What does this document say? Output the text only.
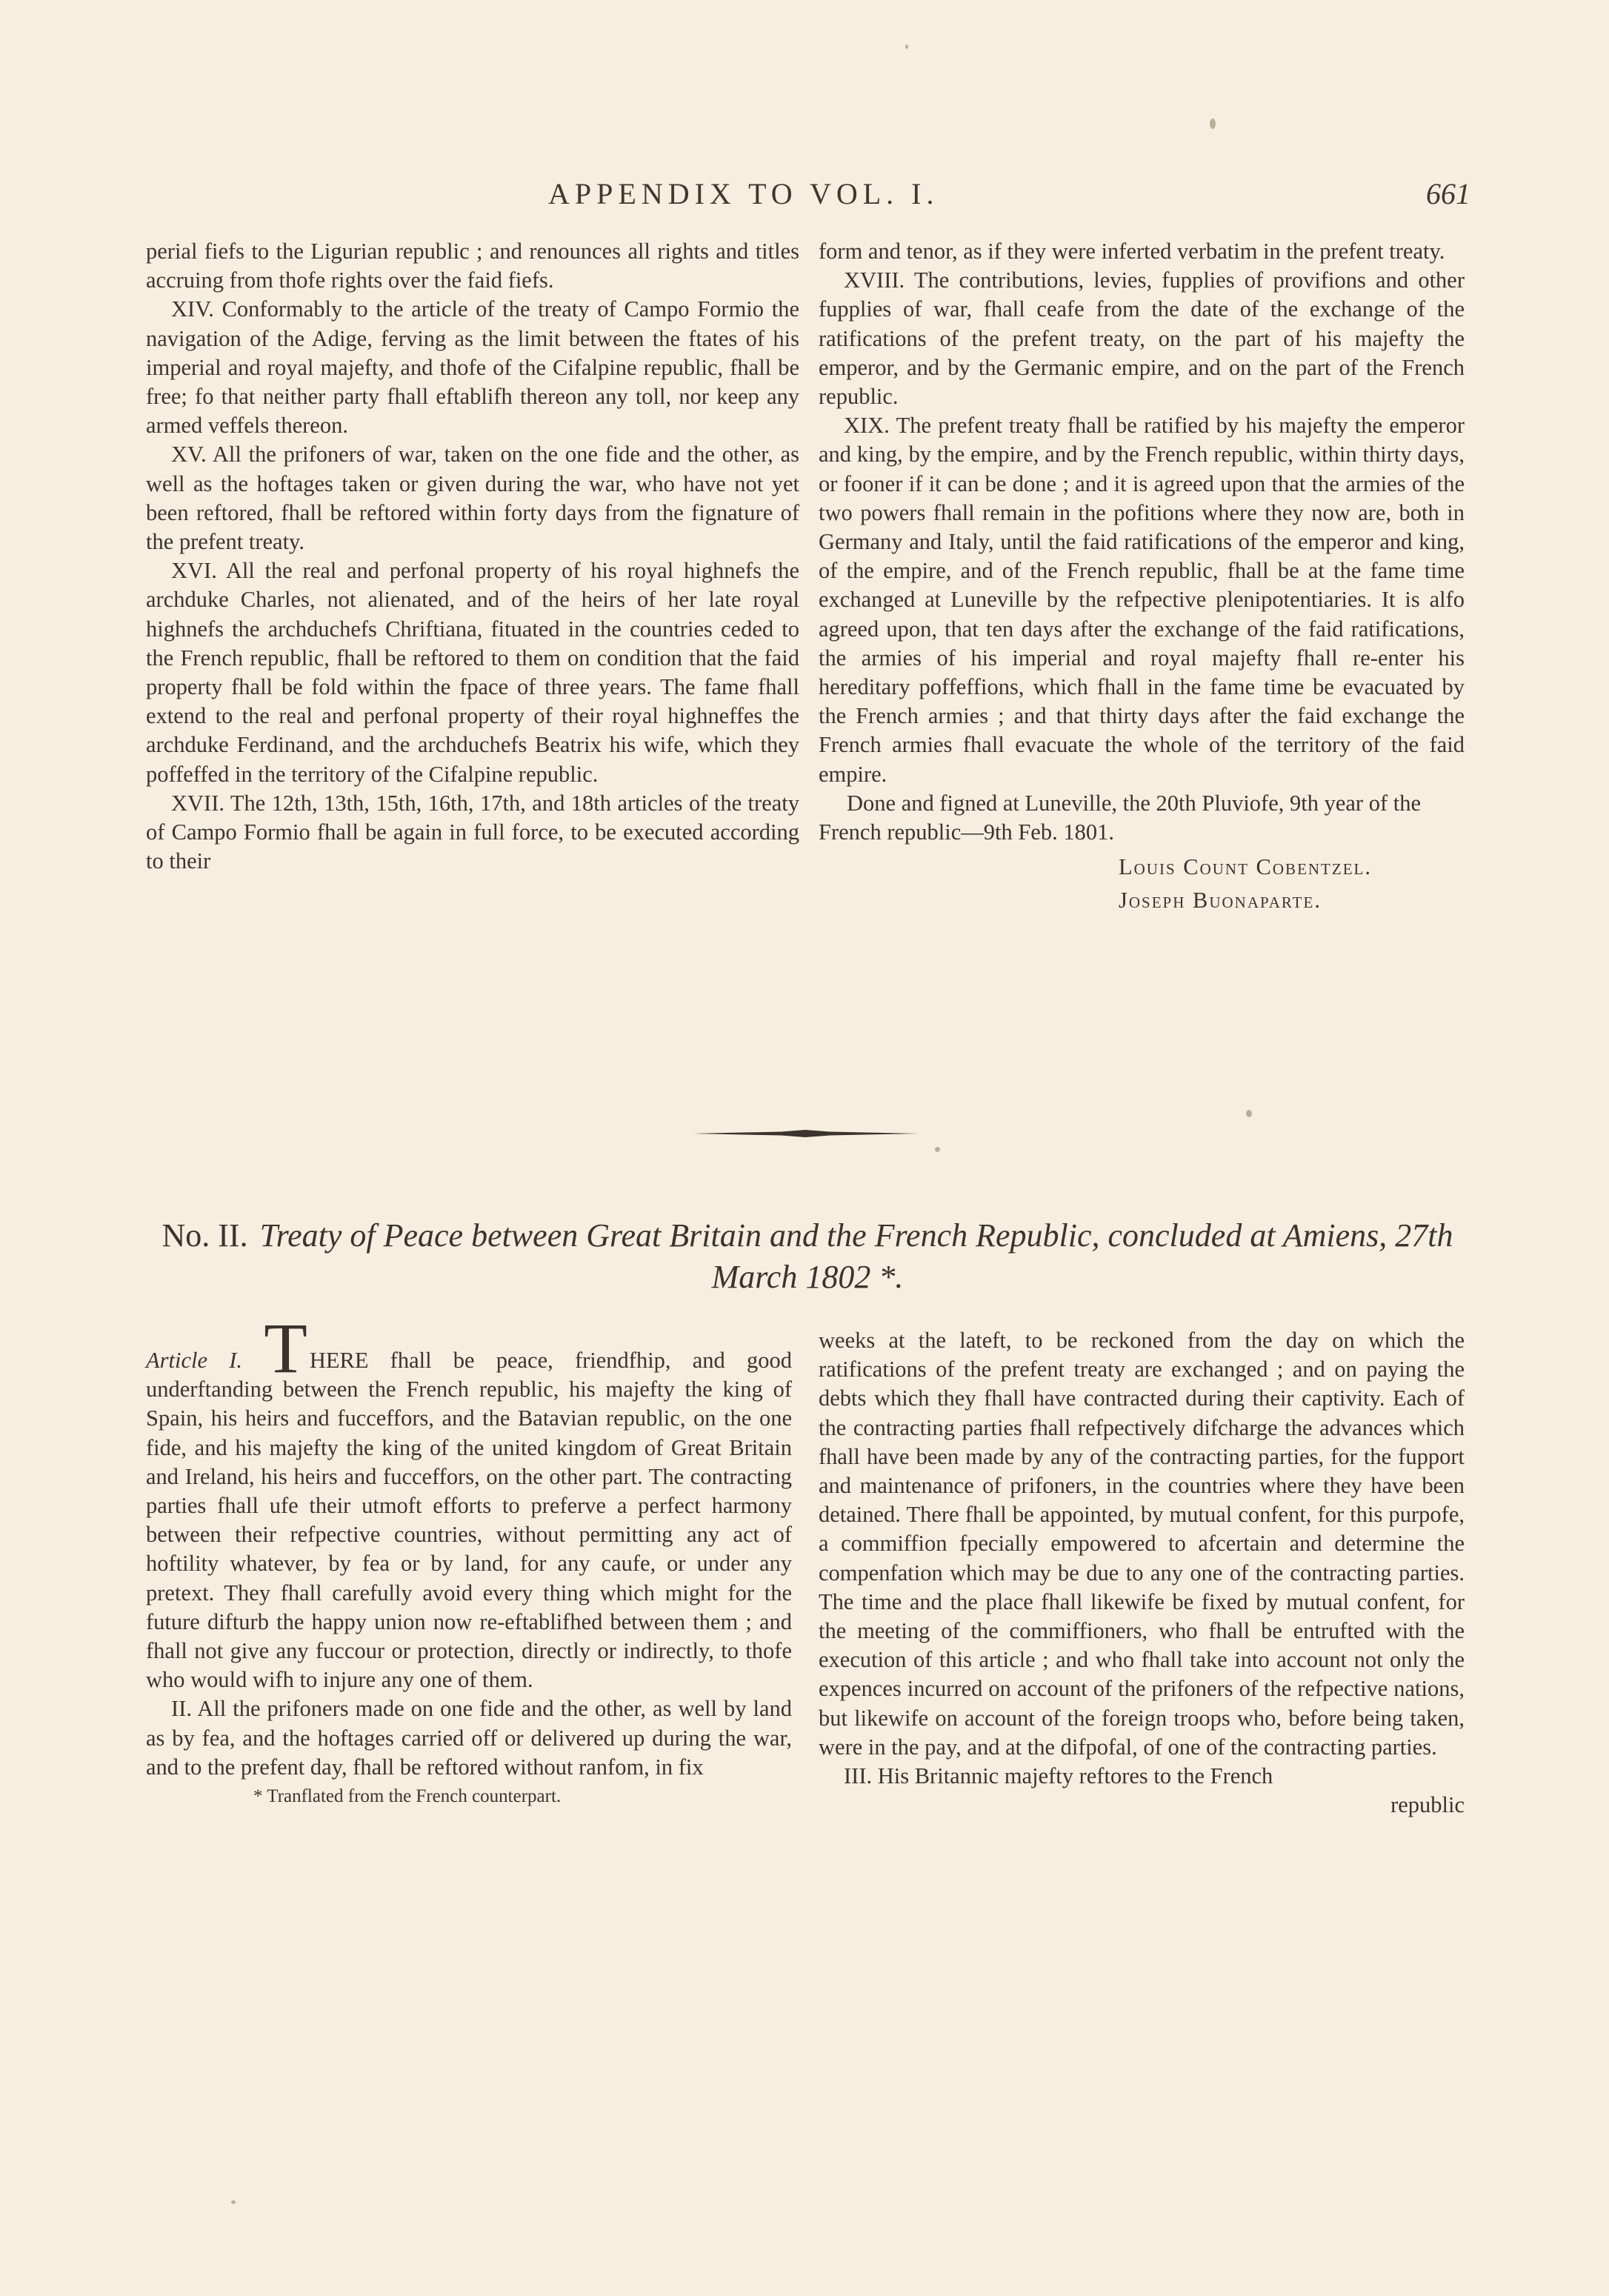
APPENDIX TO VOL. I.	661

perial fiefs to the Ligurian republic ; and renounces all rights and titles accruing from thofe rights over the faid fiefs.

XIV. Conformably to the article of the treaty of Campo Formio the navigation of the Adige, ferving as the limit between the ftates of his imperial and royal majefty, and thofe of the Cifalpine republic, fhall be free; fo that neither party fhall eftablifh thereon any toll, nor keep any armed veffels thereon.

XV. All the prifoners of war, taken on the one fide and the other, as well as the hoftages taken or given during the war, who have not yet been reftored, fhall be reftored within forty days from the fignature of the prefent treaty.

XVI. All the real and perfonal property of his royal highnefs the archduke Charles, not alienated, and of the heirs of her late royal highnefs the archduchefs Chriftiana, fituated in the countries ceded to the French republic, fhall be reftored to them on condition that the faid property fhall be fold within the fpace of three years. The fame fhall extend to the real and perfonal property of their royal highneffes the archduke Ferdinand, and the archduchefs Beatrix his wife, which they poffeffed in the territory of the Cifalpine republic.

XVII. The 12th, 13th, 15th, 16th, 17th, and 18th articles of the treaty of Campo Formio fhall be again in full force, to be executed according to their

form and tenor, as if they were inferted verbatim in the prefent treaty.

XVIII. The contributions, levies, fupplies of provifions and other fupplies of war, fhall ceafe from the date of the exchange of the ratifications of the prefent treaty, on the part of his majefty the emperor, and by the Germanic empire, and on the part of the French republic.

XIX. The prefent treaty fhall be ratified by his majefty the emperor and king, by the empire, and by the French republic, within thirty days, or fooner if it can be done ; and it is agreed upon that the armies of the two powers fhall remain in the pofitions where they now are, both in Germany and Italy, until the faid ratifications of the emperor and king, of the empire, and of the French republic, fhall be at the fame time exchanged at Luneville by the refpective plenipotentiaries. It is alfo agreed upon, that ten days after the exchange of the faid ratifications, the armies of his imperial and royal majefty fhall re-enter his hereditary poffeffions, which fhall in the fame time be evacuated by the French armies ; and that thirty days after the faid exchange the French armies fhall evacuate the whole of the territory of the faid empire.

Done and figned at Luneville, the 20th Pluviofe, 9th year of the French republic—9th Feb. 1801.

Louis Count Cobentzel.
Joseph Buonaparte.
No. II. Treaty of Peace between Great Britain and the French Republic, concluded at Amiens, 27th March 1802 *.

Article I. THERE fhall be peace, friendfhip, and good underftanding between the French republic, his majefty the king of Spain, his heirs and fucceffors, and the Batavian republic, on the one fide, and his majefty the king of the united kingdom of Great Britain and Ireland, his heirs and fucceffors, on the other part. The contracting parties fhall ufe their utmoft efforts to preferve a perfect harmony between their refpective countries, without permitting any act of hoftility whatever, by fea or by land, for any caufe, or under any pretext. They fhall carefully avoid every thing which might for the future difturb the happy union now re-eftablifhed between them ; and fhall not give any fuccour or protection, directly or indirectly, to thofe who would wifh to injure any one of them.

II. All the prifoners made on one fide and the other, as well by land as by fea, and the hoftages carried off or delivered up during the war, and to the prefent day, fhall be reftored without ranfom, in fix

* Tranflated from the French counterpart.

weeks at the lateft, to be reckoned from the day on which the ratifications of the prefent treaty are exchanged ; and on paying the debts which they fhall have contracted during their captivity. Each of the contracting parties fhall refpectively difcharge the advances which fhall have been made by any of the contracting parties, for the fupport and maintenance of prifoners, in the countries where they have been detained. There fhall be appointed, by mutual confent, for this purpofe, a commiffion fpecially empowered to afcertain and determine the compenfation which may be due to any one of the contracting parties. The time and the place fhall likewife be fixed by mutual confent, for the meeting of the commiffioners, who fhall be entrufted with the execution of this article ; and who fhall take into account not only the expences incurred on account of the prifoners of the refpective nations, but likewife on account of the foreign troops who, before being taken, were in the pay, and at the difpofal, of one of the contracting parties.

III. His Britannic majefty reftores to the French

republic
